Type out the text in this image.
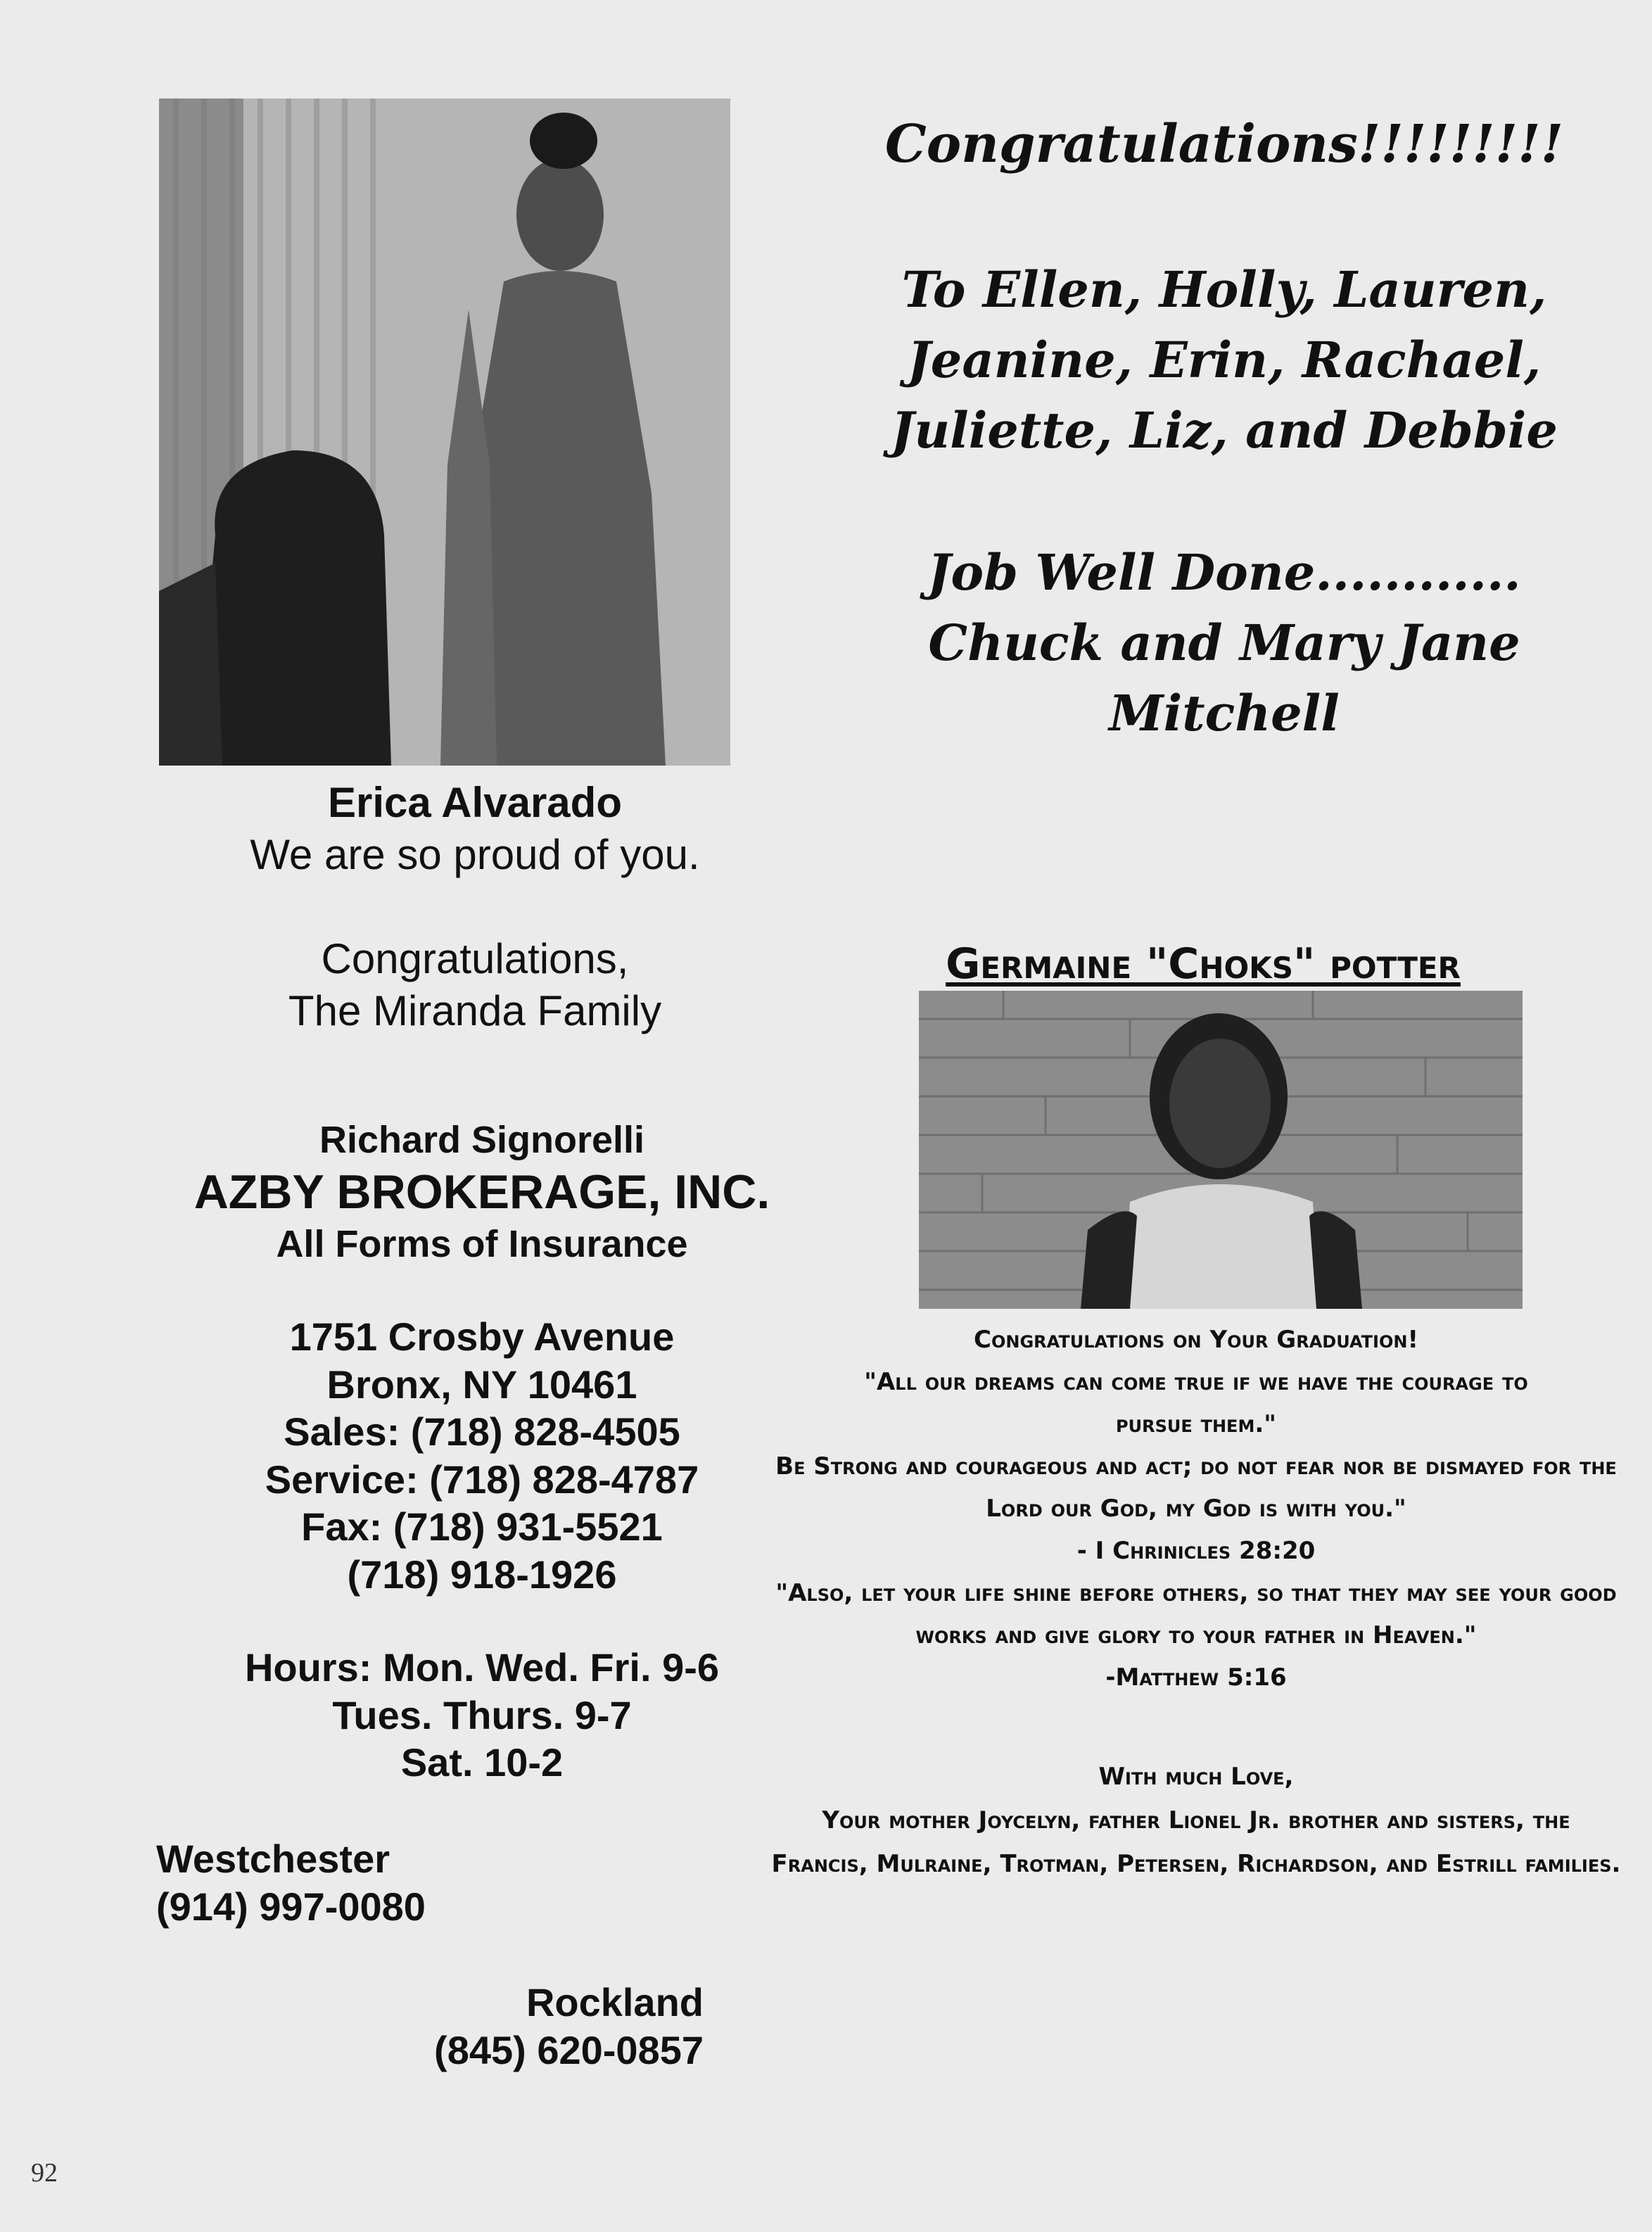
Erica Alvarado
We are so proud of you.
Congratulations,
The Miranda Family
Richard Signorelli
AZBY BROKERAGE, INC.
All Forms of Insurance
1751 Crosby Avenue
Bronx, NY 10461
Sales: (718) 828-4505
Service: (718) 828-4787
Fax: (718) 931-5521
(718) 918-1926
Hours: Mon. Wed. Fri. 9-6
Tues. Thurs. 9-7
Sat. 10-2
Westchester
(914) 997-0080
Rockland
(845) 620-0857
Congratulations!!!!!!!!!
To Ellen, Holly, Lauren,
Jeanine, Erin, Rachael,
Juliette, Liz, and Debbie
Job Well Done............
Chuck and Mary Jane
Mitchell
Germaine "Choks" potter
Congratulations on Your Graduation!
"All our dreams can come true if we have the courage to
pursue them."
Be Strong and courageous and act; do not fear nor be dismayed for the
Lord our God, my God is with you."
- I Chrinicles 28:20
"Also, let your life shine before others, so that they may see your good
works and give glory to your father in Heaven."
-Matthew 5:16
With much Love,
Your mother Joycelyn, father Lionel Jr. brother and sisters, the
Francis, Mulraine, Trotman, Petersen, Richardson, and Estrill families.
92
